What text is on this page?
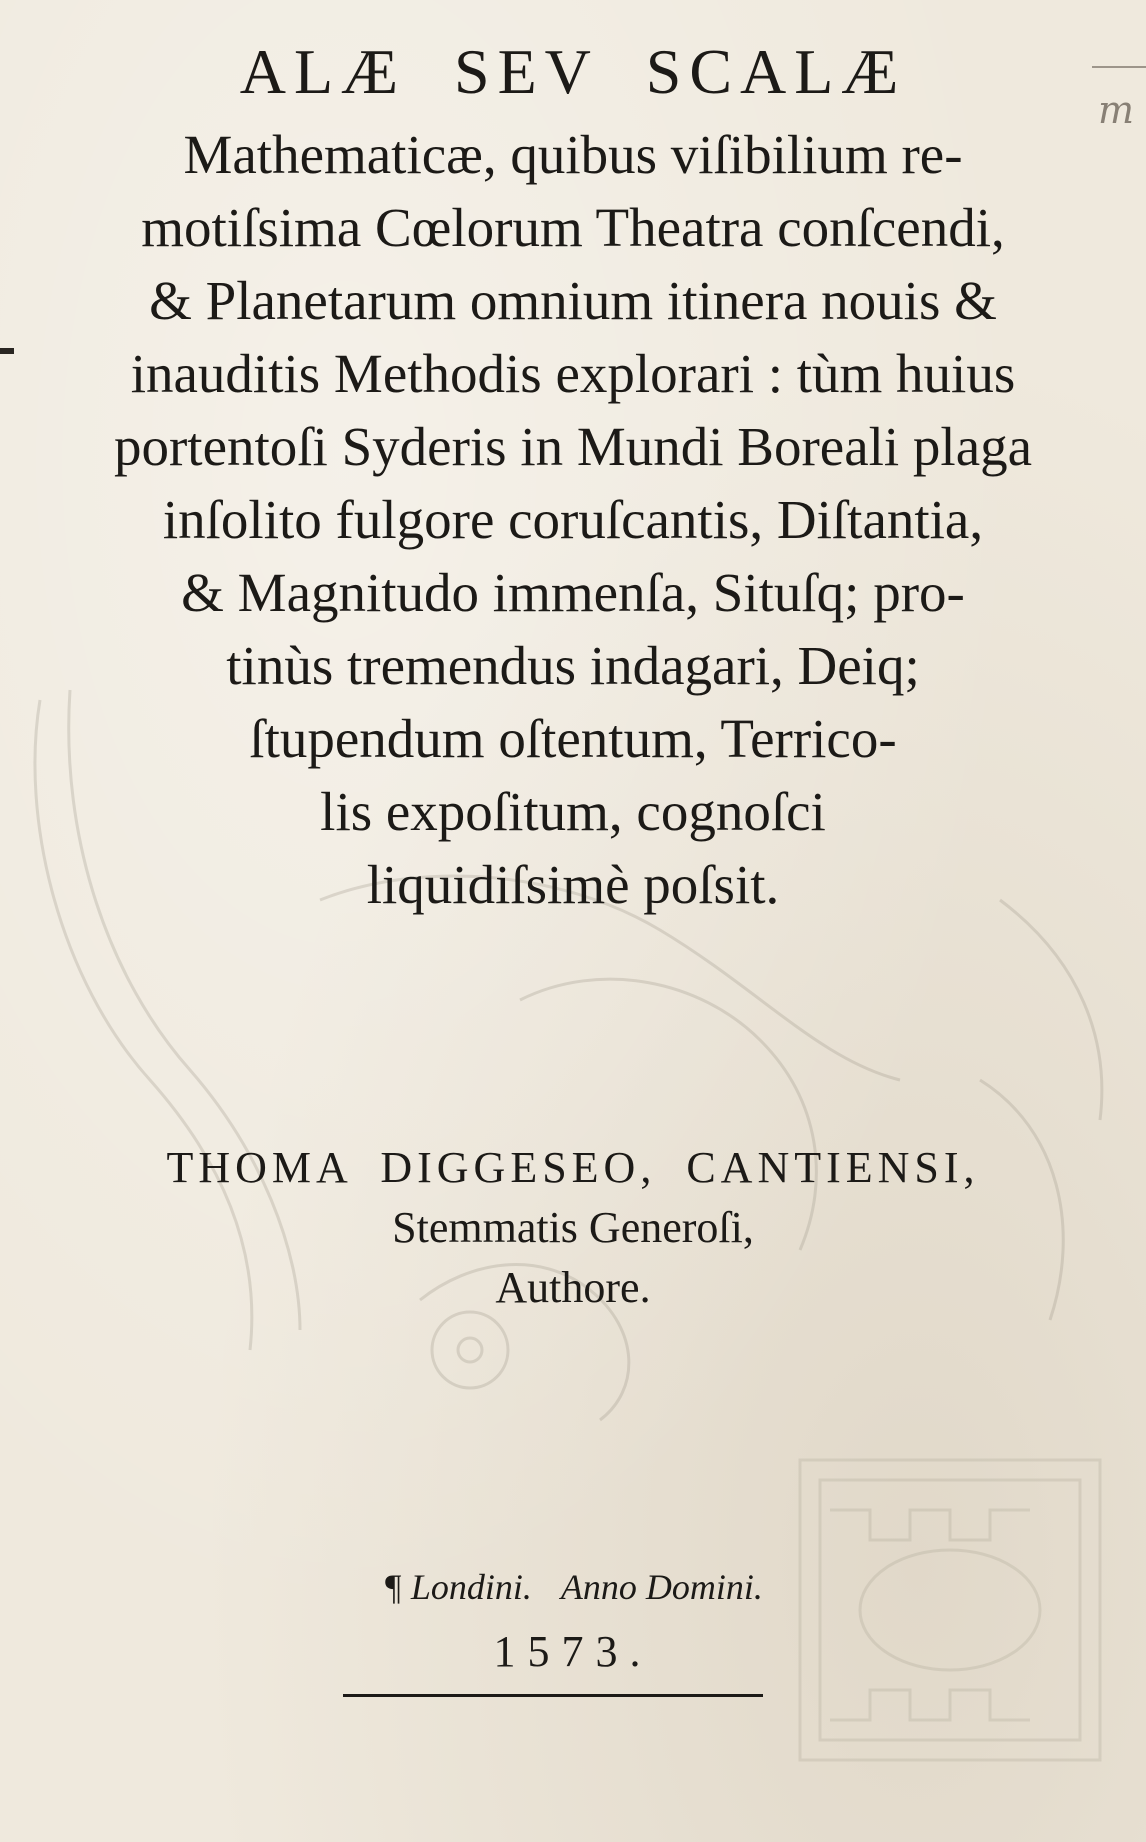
m
ALÆ SEV SCALÆ
Mathematicæ, quibus viſibilium re-
motiſsima Cœlorum Theatra conſcendi,
& Planetarum omnium itinera nouis &
inauditis Methodis explorari : tùm huius
portentoſi Syderis in Mundi Boreali plaga
inſolito fulgore coruſcantis, Diſtantia,
& Magnitudo immenſa, Situſq; pro-
tinùs tremendus indagari, Deiq;
ſtupendum oſtentum, Terrico-
lis expoſitum, cognoſci
liquidiſsimè poſsit.
THOMA DIGGESEO, CANTIENSI,
Stemmatis Generoſi,
Authore.
¶ Londini. Anno Domini.
1573.
